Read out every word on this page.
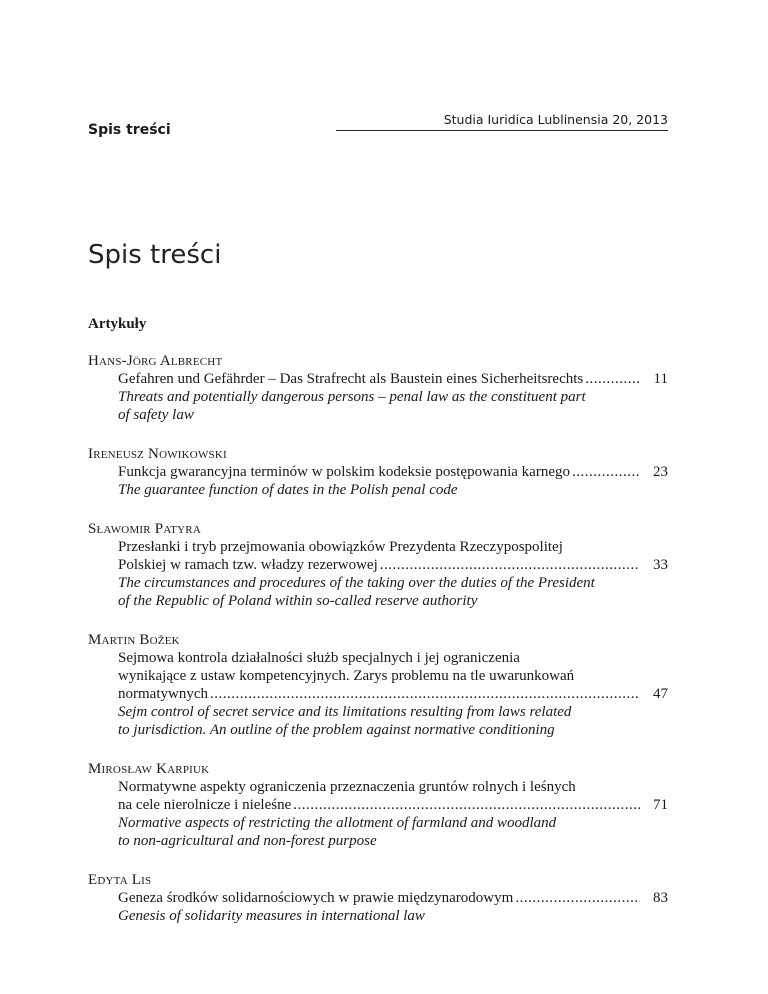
Spis treści
Studia Iuridica Lublinensia 20, 2013
Spis treści
Artykuły
Hans-Jörg Albrecht
Gefahren und Gefährder – Das Strafrecht als Baustein eines Sicherheitsrechts .....	11
Threats and potentially dangerous persons – penal law as the constituent part
of safety law
Ireneusz Nowikowski
Funkcja gwarancyjna terminów w polskim kodeksie postępowania karnego .....	23
The guarantee function of dates in the Polish penal code
Sławomir Patyra
Przesłanki i tryb przejmowania obowiązków Prezydenta Rzeczypospolitej
Polskiej w ramach tzw. władzy rezerwowej .....	33
The circumstances and procedures of the taking over the duties of the President
of the Republic of Poland within so-called reserve authority
Martin Božek
Sejmowa kontrola działalności służb specjalnych i jej ograniczenia
wynikające z ustaw kompetencyjnych. Zarys problemu na tle uwarunkowań
normatywnych .....	47
Sejm control of secret service and its limitations resulting from laws related
to jurisdiction. An outline of the problem against normative conditioning
Mirosław Karpiuk
Normatywne aspekty ograniczenia przeznaczenia gruntów rolnych i leśnych
na cele nierolnicze i nieleśne .....	71
Normative aspects of restricting the allotment of farmland and woodland
to non-agricultural and non-forest purpose
Edyta Lis
Geneza środków solidarnościowych w prawie międzynarodowym .....	83
Genesis of solidarity measures in international law
